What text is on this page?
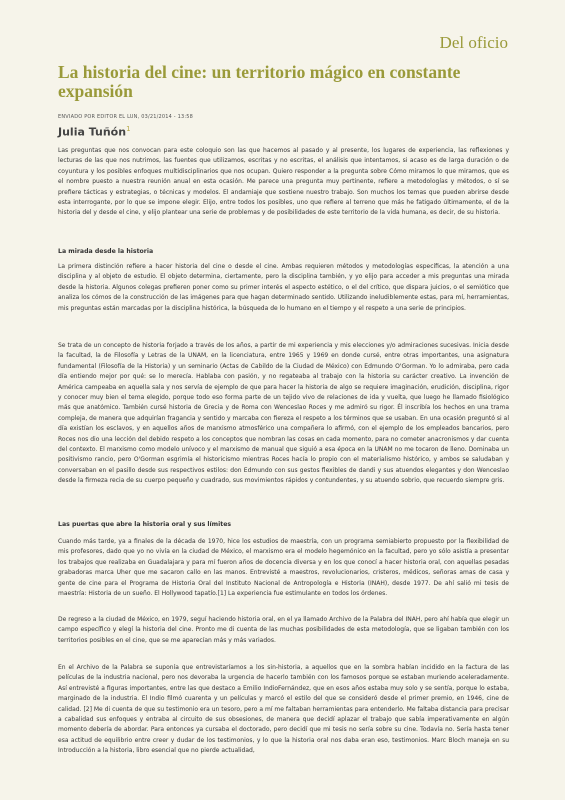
Del oficio
La historia del cine: un territorio mágico en constante expansión
ENVIADO POR EDITOR EL LUN, 03/21/2014 - 13:58
Julia Tuñón$^1$

Las preguntas que nos convocan para este coloquio son las que hacemos al pasado y al presente, los lugares de experiencia, las reflexiones y lecturas de las que nos nutrimos, las fuentes que utilizamos, escritas y no escritas, el análisis que intentamos, si acaso es de larga duración o de coyuntura y los posibles enfoques multidisciplinarios que nos ocupan. Quiero responder a la pregunta sobre Cómo miramos lo que miramos, que es el nombre puesto a nuestra reunión anual en esta ocasión. Me parece una pregunta muy pertinente, refiere a metodologías y métodos, o sí se prefiere tácticas y estrategias, o técnicas y modelos. El andamiaje que sostiene nuestro trabajo. Son muchos los temas que pueden abrirse desde esta interrogante, por lo que se impone elegir. Elijo, entre todos los posibles, uno que refiere al terreno que más he fatigado últimamente, el de la historia del y desde el cine, y elijo plantear una serie de problemas y de posibilidades de este territorio de la vida humana, es decir, de su historia.

La mirada desde la historia

La primera distinción refiere a hacer historia del cine o desde el cine. Ambas requieren métodos y metodologías específicas, la atención a una disciplina y al objeto de estudio. El objeto determina, ciertamente, pero la disciplina también, y yo elijo para acceder a mis preguntas una mirada desde la historia. Algunos colegas prefieren poner como su primer interés el aspecto estético, o el del crítico, que dispara juicios, o el semiótico que analiza los cómos de la construcción de las imágenes para que hagan determinado sentido. Utilizando ineludiblemente estas, para mí, herramientas, mis preguntas están marcadas por la disciplina histórica, la búsqueda de lo humano en el tiempo y el respeto a una serie de principios.

Se trata de un concepto de historia forjado a través de los años, a partir de mi experiencia y mis elecciones y/o admiraciones sucesivas. Inicia desde la facultad, la de Filosofía y Letras de la UNAM, en la licenciatura, entre 1965 y 1969 en donde cursé, entre otras importantes, una asignatura fundamental (Filosofía de la Historia) y un seminario (Actas de Cabildo de la Ciudad de México) con Edmundo O'Gorman. Yo lo admiraba, pero cada día entiendo mejor por qué: se lo merecía. Hablaba con pasión, y no regateaba al trabajo con la historia su carácter creativo. La invención de América campeaba en aquella sala y nos servía de ejemplo de que para hacer la historia de algo se requiere imaginación, erudición, disciplina, rigor y conocer muy bien el tema elegido, porque todo eso forma parte de un tejido vivo de relaciones de ida y vuelta, que luego he llamado fisiológico más que anatómico. También cursé historia de Grecia y de Roma con Wenceslao Roces y me admiró su rigor. Él inscribía los hechos en una trama compleja, de manera que adquirían fragancia y sentido y marcaba con fiereza el respeto a los términos que se usaban. En una ocasión preguntó si al día existían los esclavos, y en aquellos años de marxismo atmosférico una compañera lo afirmó, con el ejemplo de los empleados bancarios, pero Roces nos dio una lección del debido respeto a los conceptos que nombran las cosas en cada momento, para no cometer anacronismos y dar cuenta del contexto. El marxismo como modelo unívoco y el marxismo de manual que siguió a esa época en la UNAM no me tocaron de lleno. Dominaba un positivismo rancio, pero O'Gorman esgrimía el historicismo mientras Roces hacía lo propio con el materialismo histórico, y ambos se saludaban y conversaban en el pasillo desde sus respectivos estilos: don Edmundo con sus gestos flexibles de dandi y sus atuendos elegantes y don Wenceslao desde la firmeza recia de su cuerpo pequeño y cuadrado, sus movimientos rápidos y contundentes, y su atuendo sobrio, que recuerdo siempre gris.

Las puertas que abre la historia oral y sus límites

Cuando más tarde, ya a finales de la década de 1970, hice los estudios de maestría, con un programa semiabierto propuesto por la flexibilidad de mis profesores, dado que yo no vivía en la ciudad de México, el marxismo era el modelo hegemónico en la facultad, pero yo sólo asistía a presentar los trabajos que realizaba en Guadalajara y para mí fueron años de docencia diversa y en los que conocí a hacer historia oral, con aquellas pesadas grabadoras marca Uher que me sacaron callo en las manos. Entrevisté a maestros, revolucionarios, cristeros, médicos, señoras amas de casa y gente de cine para el Programa de Historia Oral del Instituto Nacional de Antropología e Historia (INAH), desde 1977. De ahí salió mi tesis de maestría: Historia de un sueño. El Hollywood tapatío.[1] La experiencia fue estimulante en todos los órdenes.

De regreso a la ciudad de México, en 1979, seguí haciendo historia oral, en el ya llamado Archivo de la Palabra del INAH, pero ahí había que elegir un campo específico y elegí la historia del cine. Pronto me di cuenta de las muchas posibilidades de esta metodología, que se ligaban también con los territorios posibles en el cine, que se me aparecían más y más variados.

En el Archivo de la Palabra se suponía que entrevistaríamos a los sin-historia, a aquellos que en la sombra habían incidido en la factura de las películas de la industria nacional, pero nos devoraba la urgencia de hacerlo también con los famosos porque se estaban muriendo aceleradamente. Así entrevisté a figuras importantes, entre las que destaco a Emilio IndioFernández, que en esos años estaba muy solo y se sentía, porque lo estaba, marginado de la industria. El Indio filmó cuarenta y un películas y marcó el estilo del que se consideró desde el primer premio, en 1946, cine de calidad. [2] Me di cuenta de que su testimonio era un tesoro, pero a mí me faltaban herramientas para entenderlo. Me faltaba distancia para precisar a cabalidad sus enfoques y entraba al circuito de sus obsesiones, de manera que decidí aplazar el trabajo que sabía imperativamente en algún momento debería de abordar. Para entonces ya cursaba el doctorado, pero decidí que mi tesis no sería sobre su cine. Todavía no. Sería hasta tener esa actitud de equilibrio entre creer y dudar de los testimonios, y lo que la historia oral nos daba eran eso, testimonios. Marc Bloch maneja en su Introducción a la historia, libro esencial que no pierde actualidad,
